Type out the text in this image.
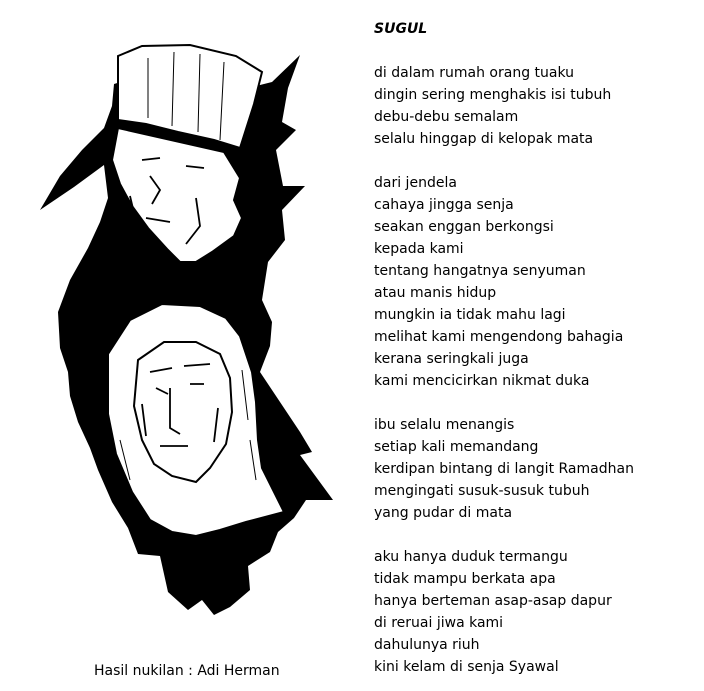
Hasil nukilan : Adi Herman
SUGUL
di dalam rumah orang tuaku
dingin sering menghakis isi tubuh
debu-debu semalam
selalu hinggap di kelopak mata
dari jendela
cahaya jingga senja
seakan enggan berkongsi
kepada kami
tentang hangatnya senyuman
atau manis hidup
mungkin ia tidak mahu lagi
melihat kami mengendong bahagia
kerana seringkali juga
kami mencicirkan nikmat duka
ibu selalu menangis
setiap kali memandang
kerdipan bintang di langit Ramadhan
mengingati susuk-susuk tubuh
yang pudar di mata
aku hanya duduk termangu
tidak mampu berkata apa
hanya berteman asap-asap dapur
di reruai jiwa kami
dahulunya riuh
kini kelam di senja Syawal
